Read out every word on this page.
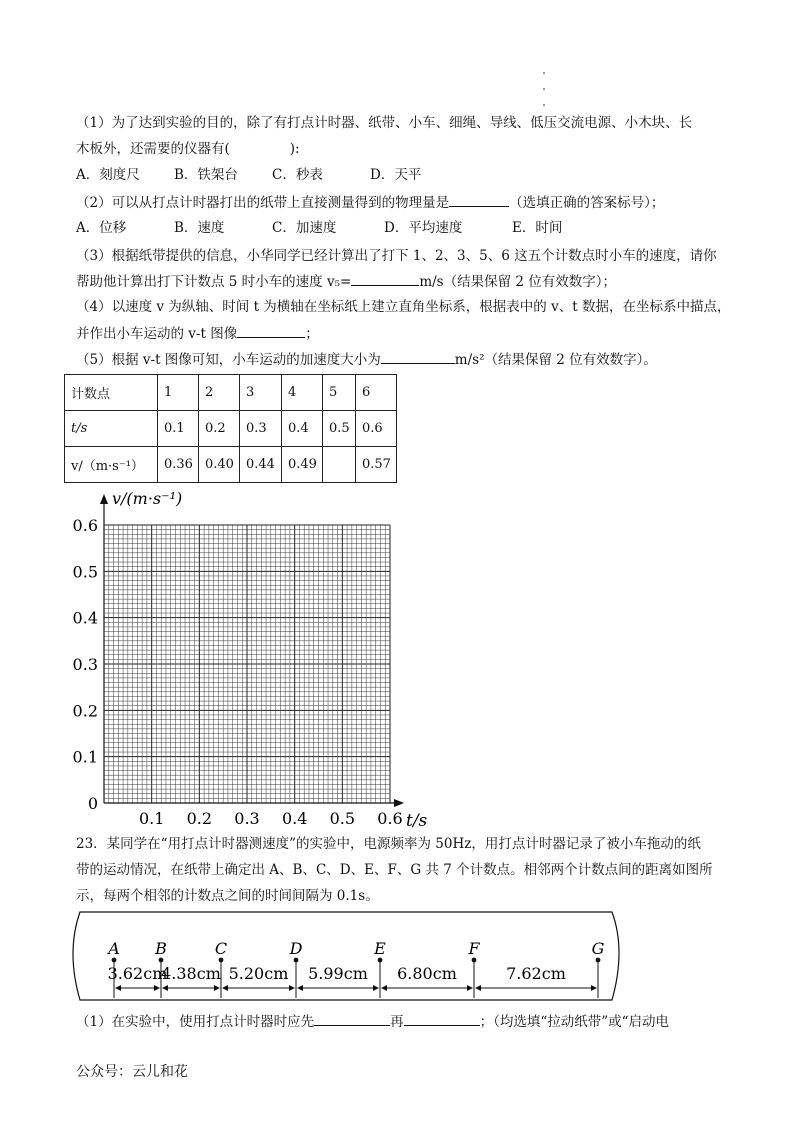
（1）为了达到实验的目的，除了有打点计时器、纸带、小车、细绳、导线、低压交流电源、小木块、长
木板外，还需要的仪器有(	):
A．刻度尺	B．铁架台	C．秒表	D．天平
（2）可以从打点计时器打出的纸带上直接测量得到的物理量是	（选填正确的答案标号）；
A．位移	B．速度	C．加速度	D．平均速度	E．时间
（3）根据纸带提供的信息，小华同学已经计算出了打下 1、2、3、5、6 这五个计数点时小车的速度，请你
帮助他计算出打下计数点 5 时小车的速度 v₅=	m/s（结果保留 2 位有效数字）；
（4）以速度 v 为纵轴、时间 t 为横轴在坐标纸上建立直角坐标系，根据表中的 v、t 数据，在坐标系中描点，
并作出小车运动的 v-t 图像	；
（5）根据 v-t 图像可知，小车运动的加速度大小为	m/s²（结果保留 2 位有效数字）。
计数点	1	2	3	4	5	6
t/s	0.1	0.2	0.3	0.4	0.5	0.6
v/（m·s⁻¹）	0.36	0.40	0.44	0.49		0.57
v/(m·s⁻¹)
t/s
0.6
0.5
0.4
0.3
0.2
0.1
0
0.1 0.2 0.3 0.4 0.5 0.6
A B	C	D	E	F	G
3.62cm
4.38cm 5.20cm 5.99cm 6.80cm	7.62cm
23．某同学在“用打点计时器测速度”的实验中，电源频率为 50Hz，用打点计时器记录了被小车拖动的纸
带的运动情况，在纸带上确定出 A、B、C、D、E、F、G 共 7 个计数点。相邻两个计数点间的距离如图所
示，每两个相邻的计数点之间的时间间隔为 0.1s。
（1）在实验中，使用打点计时器时应先	再	；（均选填“拉动纸带”或“启动电
公众号：云儿和花
